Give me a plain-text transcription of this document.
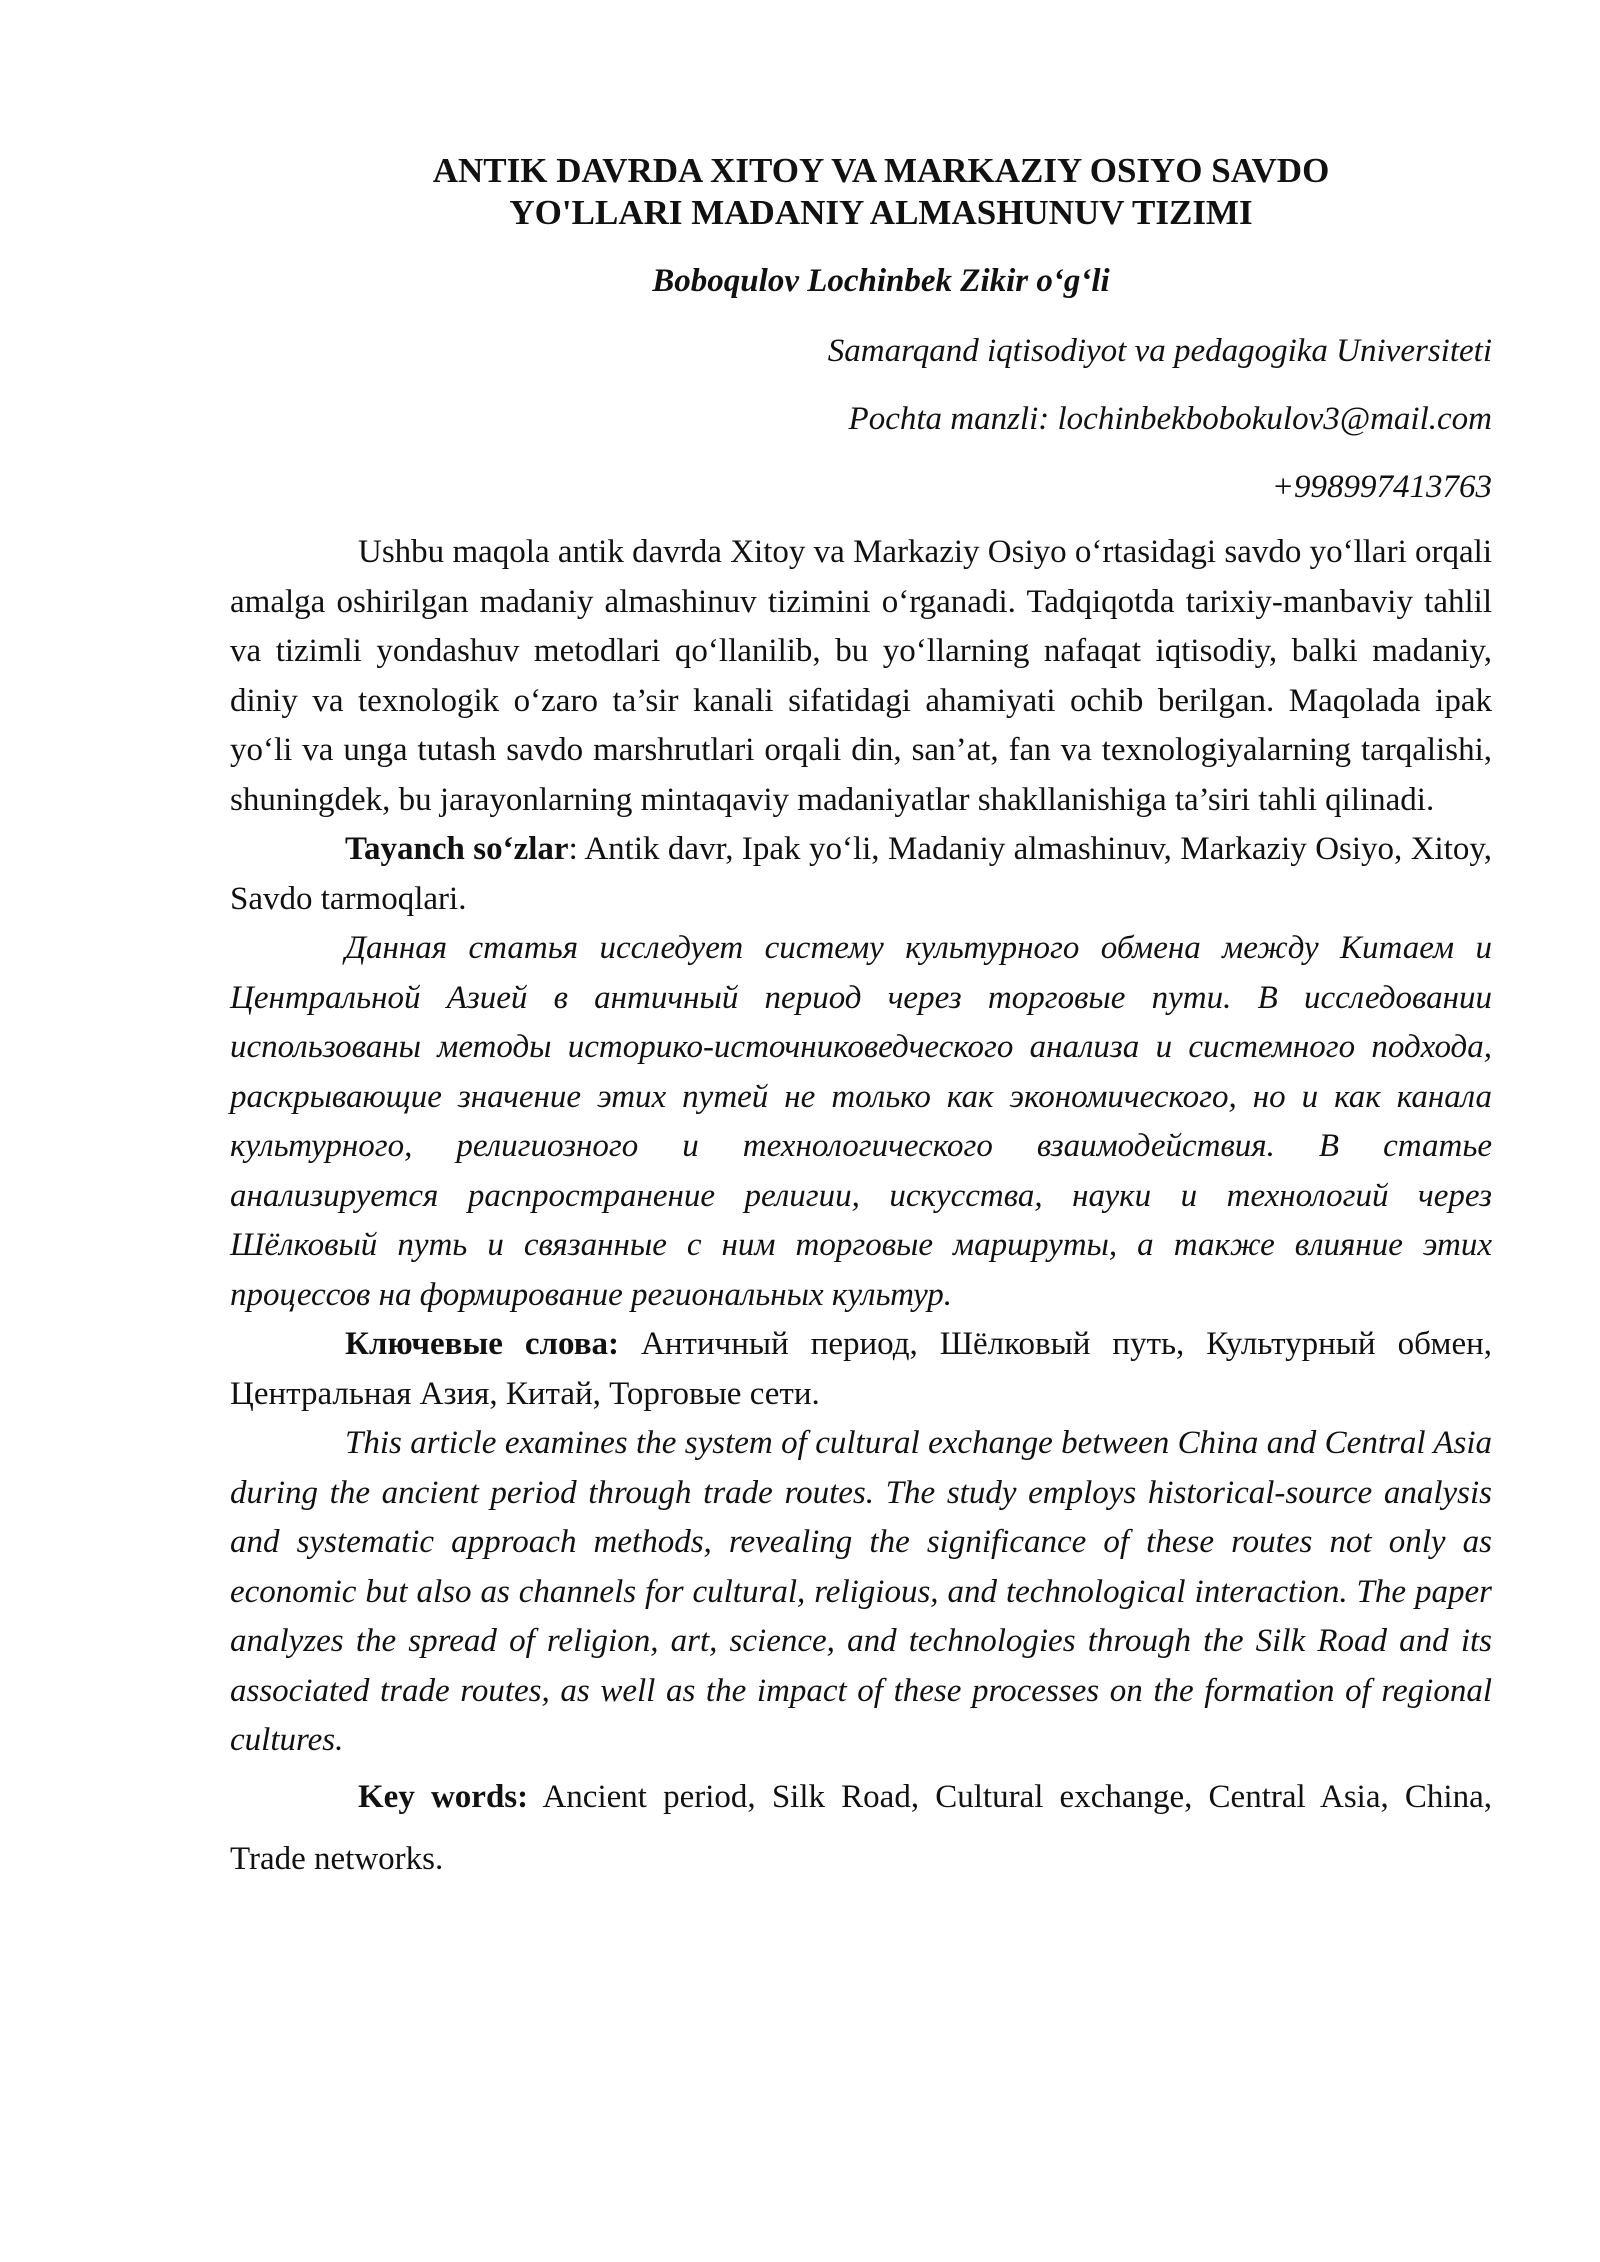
ANTIK DAVRDA XITOY VA MARKAZIY OSIYO SAVDO
YO'LLARI MADANIY ALMASHUNUV TIZIMI

Boboqulov Lochinbek Zikir o‘g‘li

Samarqand iqtisodiyot va pedagogika Universiteti

Pochta manzli: lochinbekbobokulov3@mail.com

+998997413763

Ushbu maqola antik davrda Xitoy va Markaziy Osiyo o‘rtasidagi savdo yo‘llari orqali amalga oshirilgan madaniy almashinuv tizimini o‘rganadi. Tadqiqotda tarixiy-manbaviy tahlil va tizimli yondashuv metodlari qo‘llanilib, bu yo‘llarning nafaqat iqtisodiy, balki madaniy, diniy va texnologik o‘zaro ta’sir kanali sifatidagi ahamiyati ochib berilgan. Maqolada ipak yo‘li va unga tutash savdo marshrutlari orqali din, san’at, fan va texnologiyalarning tarqalishi, shuningdek, bu jarayonlarning mintaqaviy madaniyatlar shakllanishiga ta’siri tahli qilinadi.

Tayanch so‘zlar: Antik davr, Ipak yo‘li, Madaniy almashinuv, Markaziy Osiyo, Xitoy, Savdo tarmoqlari.

Данная статья исследует систему культурного обмена между Китаем и Центральной Азией в античный период через торговые пути. В исследовании использованы методы историко-источниковедческого анализа и системного подхода, раскрывающие значение этих путей не только как экономического, но и как канала культурного, религиозного и технологического взаимодействия. В статье анализируется распространение религии, искусства, науки и технологий через Шёлковый путь и связанные с ним торговые маршруты, а также влияние этих процессов на формирование региональных культур.

Ключевые слова: Античный период, Шёлковый путь, Культурный обмен, Центральная Азия, Китай, Торговые сети.

This article examines the system of cultural exchange between China and Central Asia during the ancient period through trade routes. The study employs historical-source analysis and systematic approach methods, revealing the significance of these routes not only as economic but also as channels for cultural, religious, and technological interaction. The paper analyzes the spread of religion, art, science, and technologies through the Silk Road and its associated trade routes, as well as the impact of these processes on the formation of regional cultures.

Key words: Ancient period, Silk Road, Cultural exchange, Central Asia, China, Trade networks.
